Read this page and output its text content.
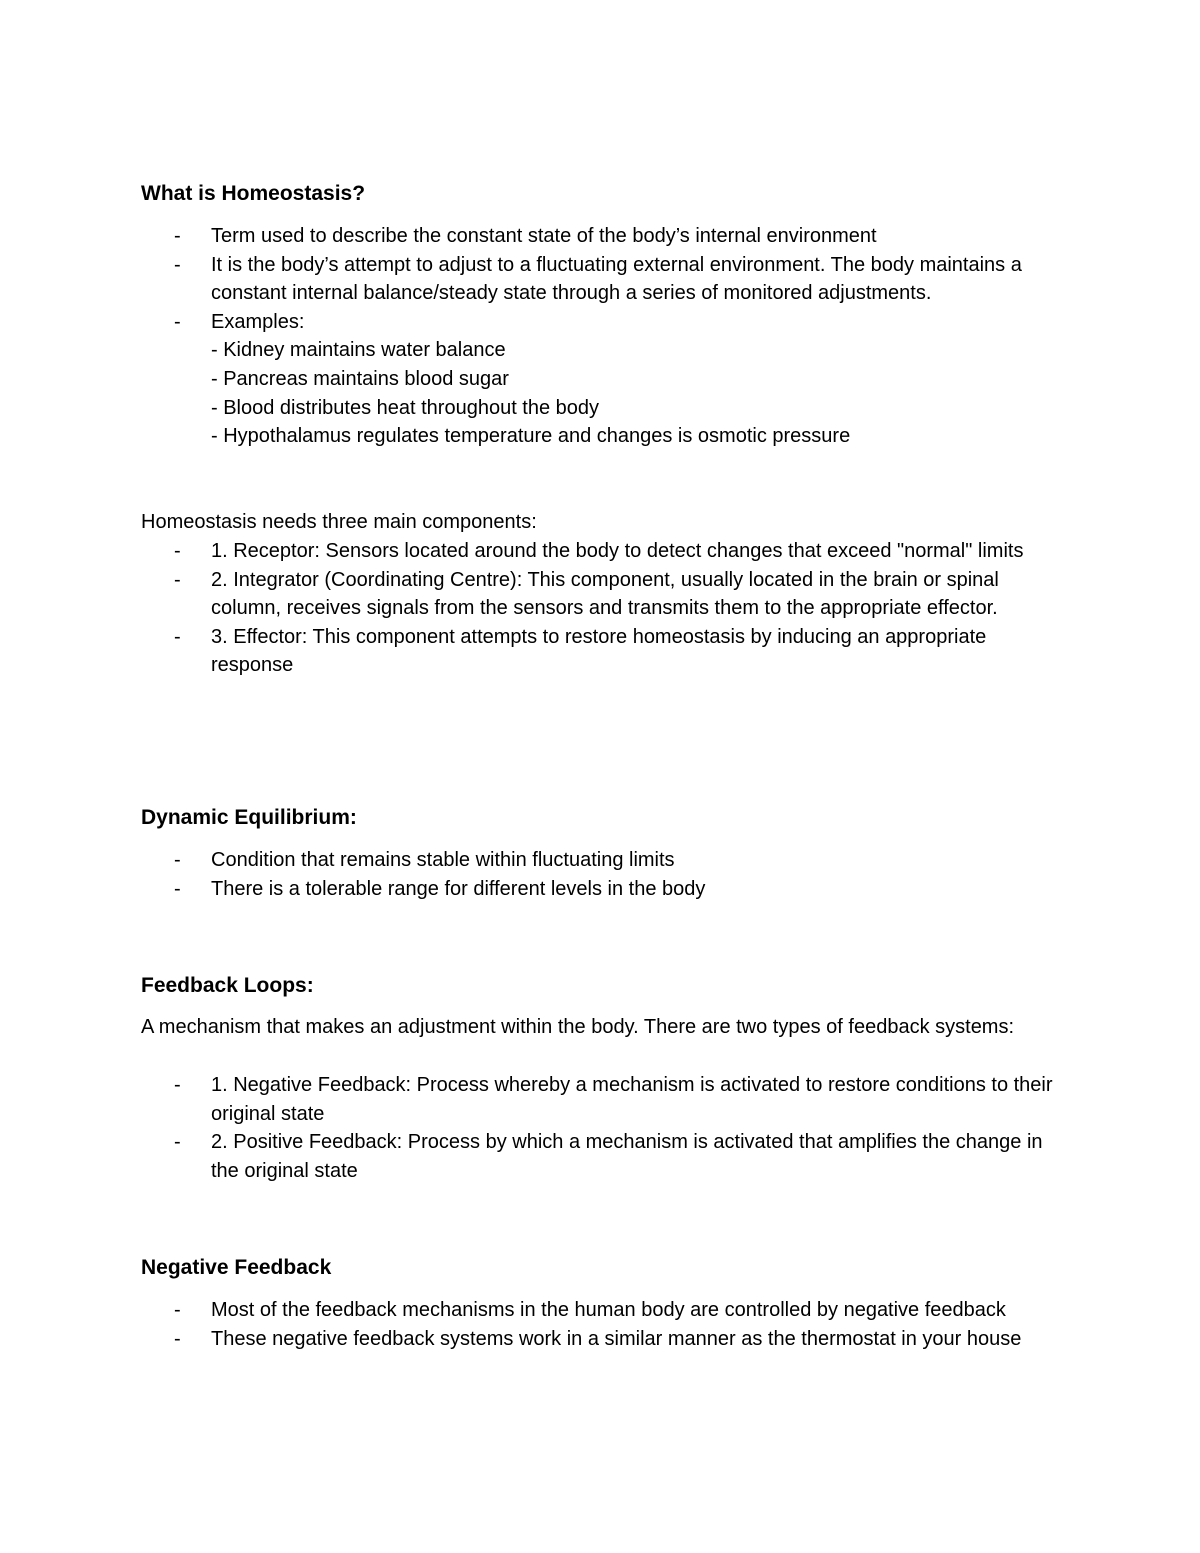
What is Homeostasis?
- Term used to describe the constant state of the body’s internal environment
- It is the body’s attempt to adjust to a fluctuating external environment. The body maintains a constant internal balance/steady state through a series of monitored adjustments.
- Examples:
- Kidney maintains water balance
- Pancreas maintains blood sugar
- Blood distributes heat throughout the body
- Hypothalamus regulates temperature and changes is osmotic pressure

Homeostasis needs three main components:

- 1. Receptor: Sensors located around the body to detect changes that exceed "normal" limits
- 2. Integrator (Coordinating Centre): This component, usually located in the brain or spinal column, receives signals from the sensors and transmits them to the appropriate effector.
- 3. Effector: This component attempts to restore homeostasis by inducing an appropriate response
Dynamic Equilibrium:
- Condition that remains stable within fluctuating limits
- There is a tolerable range for different levels in the body
Feedback Loops:

A mechanism that makes an adjustment within the body. There are two types of feedback systems:

- 1. Negative Feedback: Process whereby a mechanism is activated to restore conditions to their original state
- 2. Positive Feedback: Process by which a mechanism is activated that amplifies the change in the original state
Negative Feedback
- Most of the feedback mechanisms in the human body are controlled by negative feedback
- These negative feedback systems work in a similar manner as the thermostat in your house
